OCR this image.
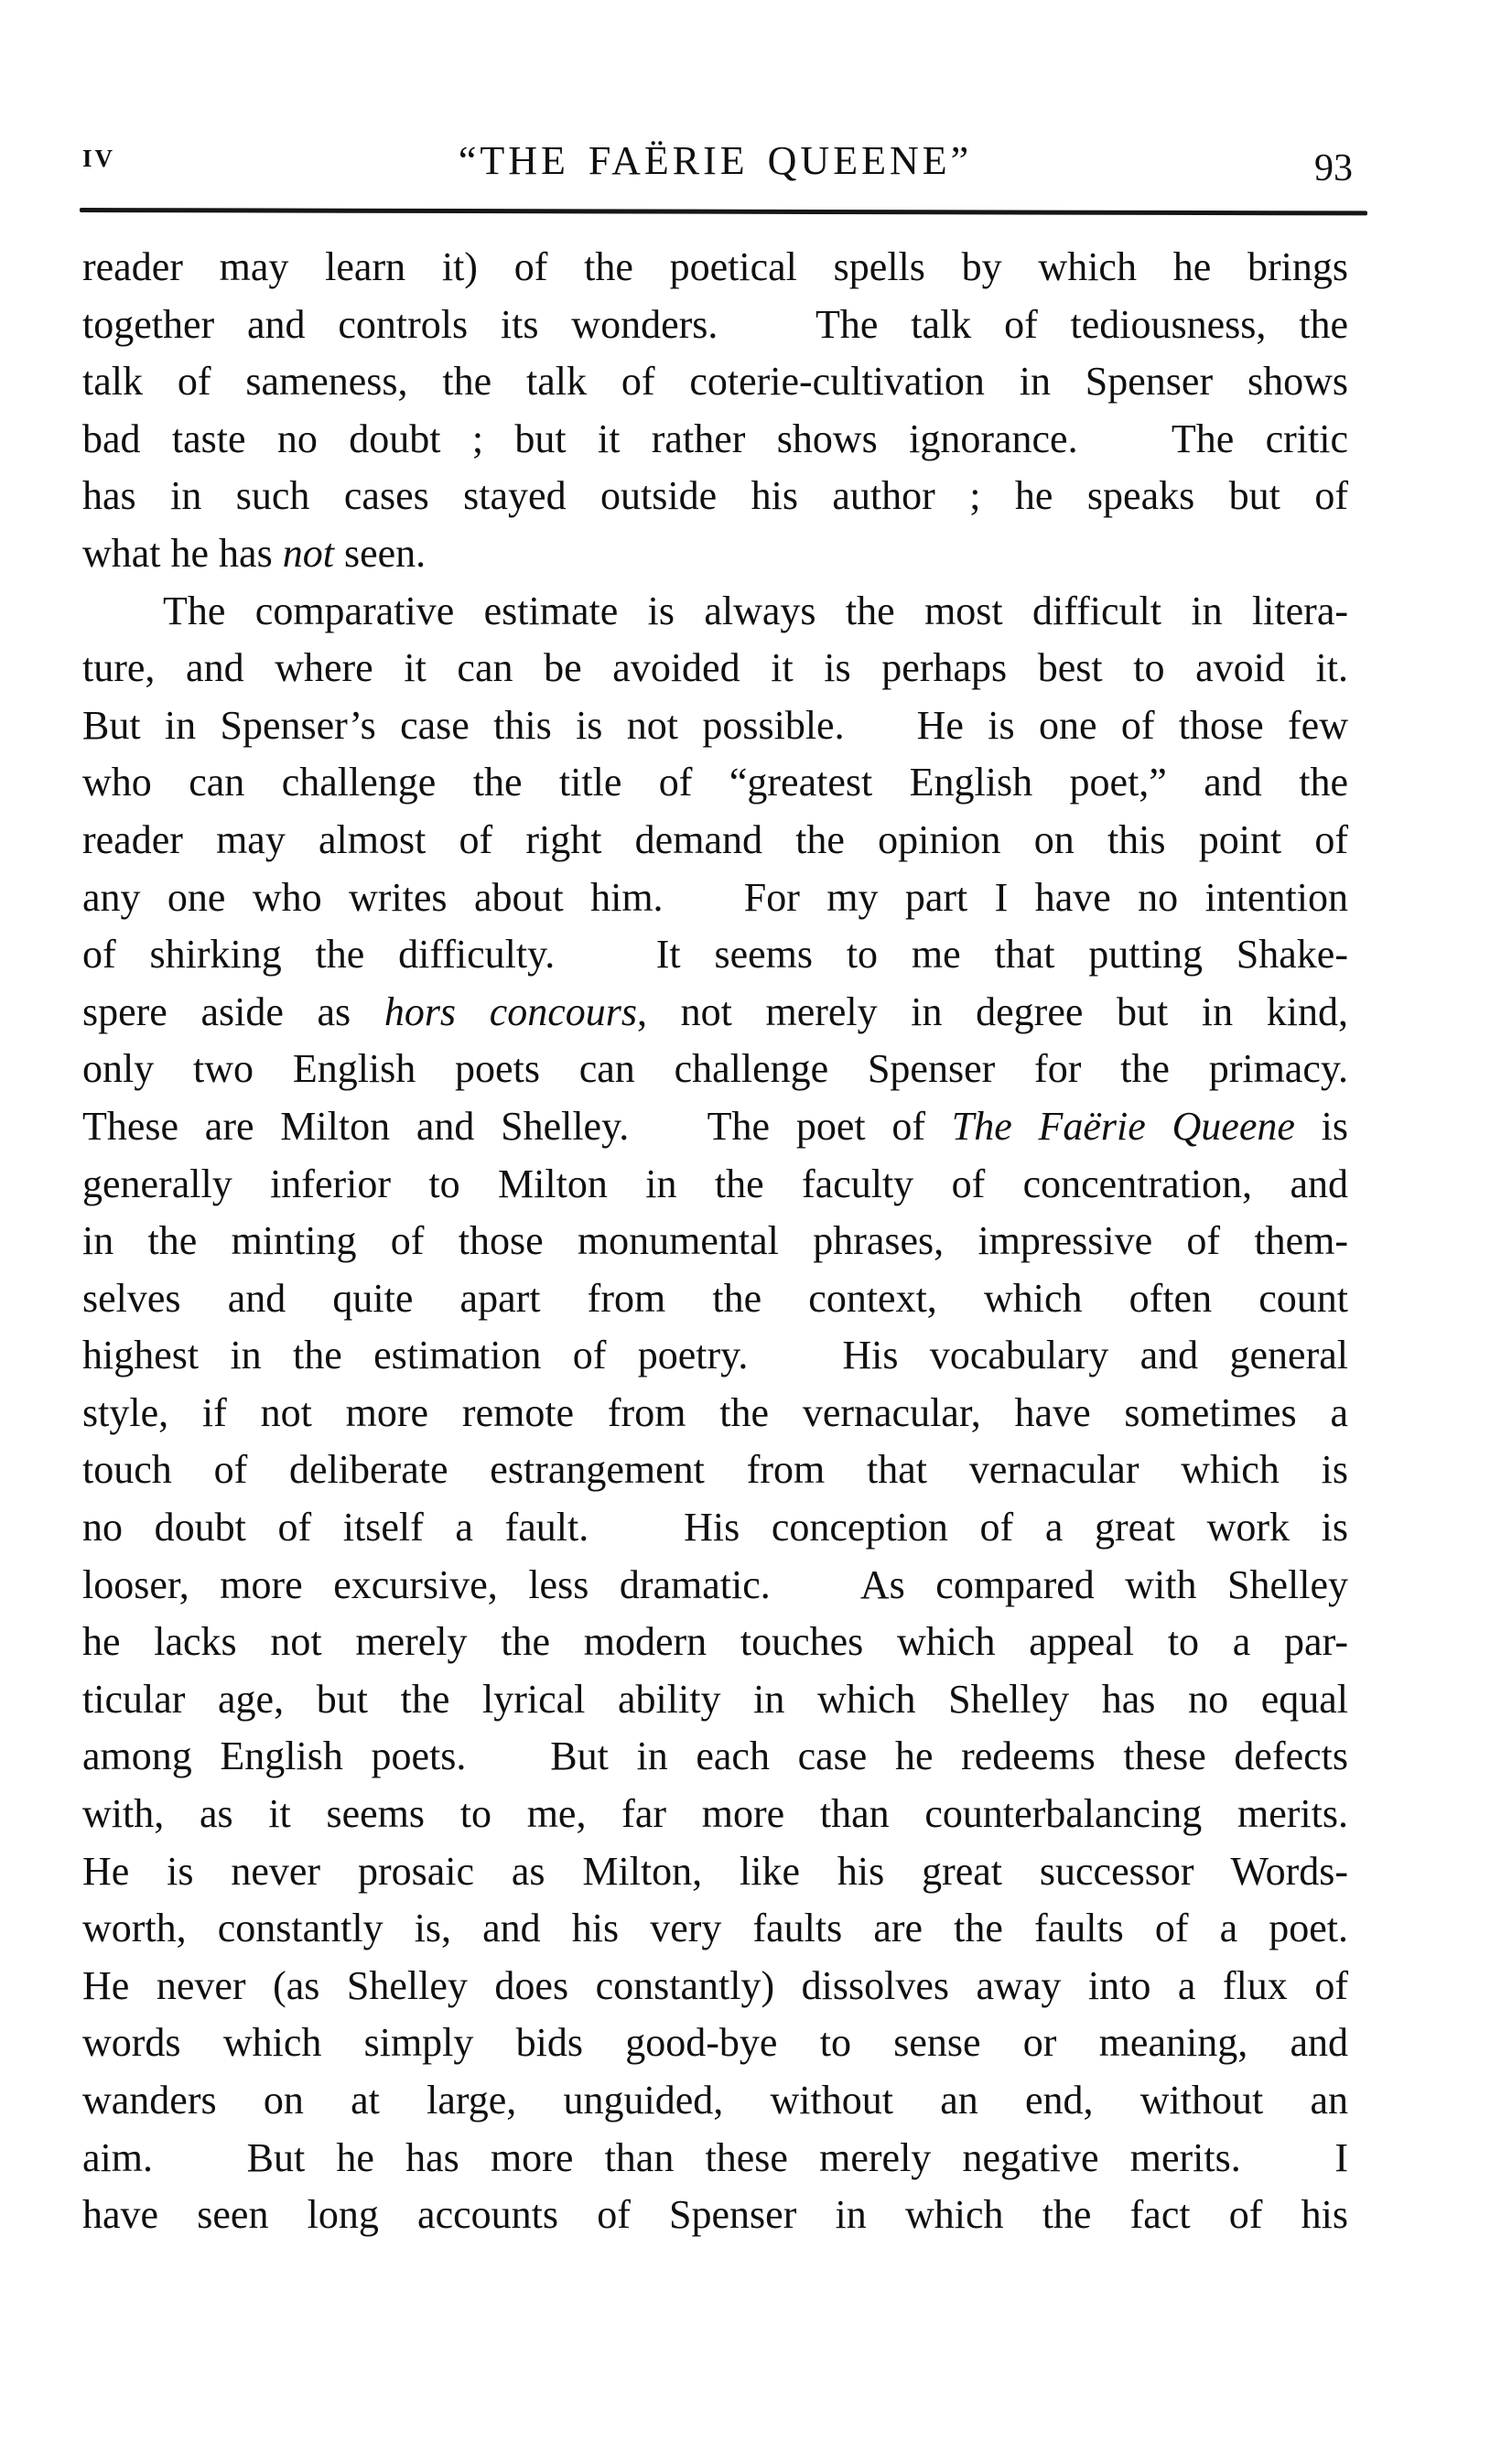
IV	“THE FAËRIE QUEENE”	93
reader may learn it) of the poetical spells by which he brings
together and controls its wonders.   The talk of tediousness, the
talk of sameness, the talk of coterie-cultivation in Spenser shows
bad taste no doubt ; but it rather shows ignorance.   The critic
has in such cases stayed outside his author ; he speaks but of
what he has not seen.
The comparative estimate is always the most difficult in litera-
ture, and where it can be avoided it is perhaps best to avoid it.
But in Spenser’s case this is not possible.   He is one of those few
who can challenge the title of “greatest English poet,” and the
reader may almost of right demand the opinion on this point of
any one who writes about him.   For my part I have no intention
of shirking the difficulty.   It seems to me that putting Shake-
spere aside as hors concours, not merely in degree but in kind,
only two English poets can challenge Spenser for the primacy.
These are Milton and Shelley.   The poet of The Faërie Queene is
generally inferior to Milton in the faculty of concentration, and
in the minting of those monumental phrases, impressive of them-
selves and quite apart from the context, which often count
highest in the estimation of poetry.   His vocabulary and general
style, if not more remote from the vernacular, have sometimes a
touch of deliberate estrangement from that vernacular which is
no doubt of itself a fault.   His conception of a great work is
looser, more excursive, less dramatic.   As compared with Shelley
he lacks not merely the modern touches which appeal to a par-
ticular age, but the lyrical ability in which Shelley has no equal
among English poets.   But in each case he redeems these defects
with, as it seems to me, far more than counterbalancing merits.
He is never prosaic as Milton, like his great successor Words-
worth, constantly is, and his very faults are the faults of a poet.
He never (as Shelley does constantly) dissolves away into a flux of
words which simply bids good-bye to sense or meaning, and
wanders on at large, unguided, without an end, without an
aim.   But he has more than these merely negative merits.   I
have seen long accounts of Spenser in which the fact of his
